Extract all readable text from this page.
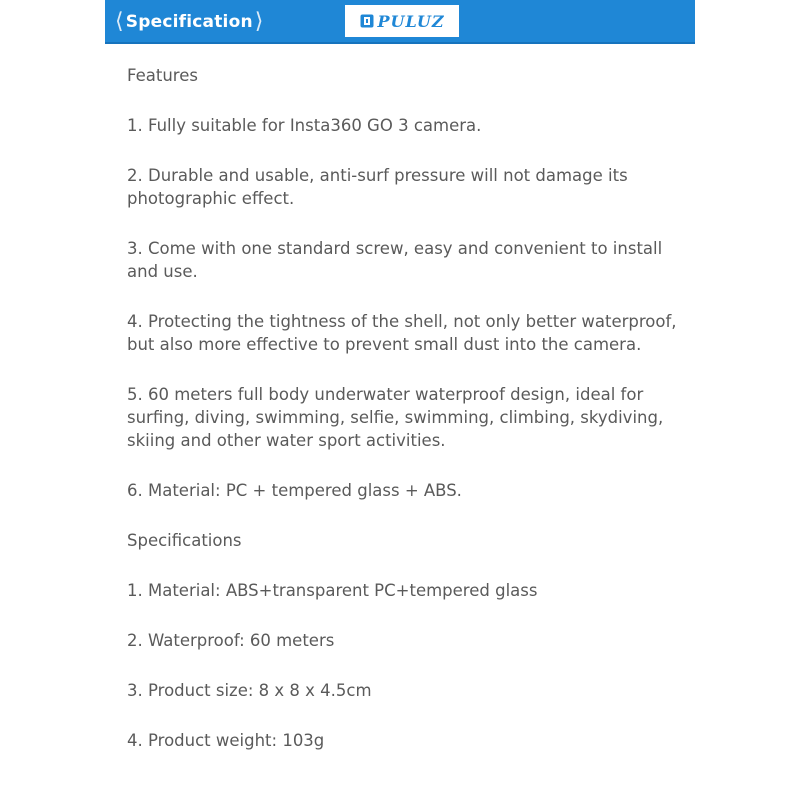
⟨ Specification ⟩	PULUZ
Features
1. Fully suitable for Insta360 GO 3 camera.
2. Durable and usable, anti-surf pressure will not damage its photographic effect.
3. Come with one standard screw, easy and convenient to install and use.
4. Protecting the tightness of the shell, not only better waterproof, but also more effective to prevent small dust into the camera.
5. 60 meters full body underwater waterproof design, ideal for surfing, diving, swimming, selfie, swimming, climbing, skydiving, skiing and other water sport activities.
6. Material: PC + tempered glass + ABS.
Specifications
1. Material: ABS+transparent PC+tempered glass
2. Waterproof: 60 meters
3. Product size: 8 x 8 x 4.5cm
4. Product weight: 103g
